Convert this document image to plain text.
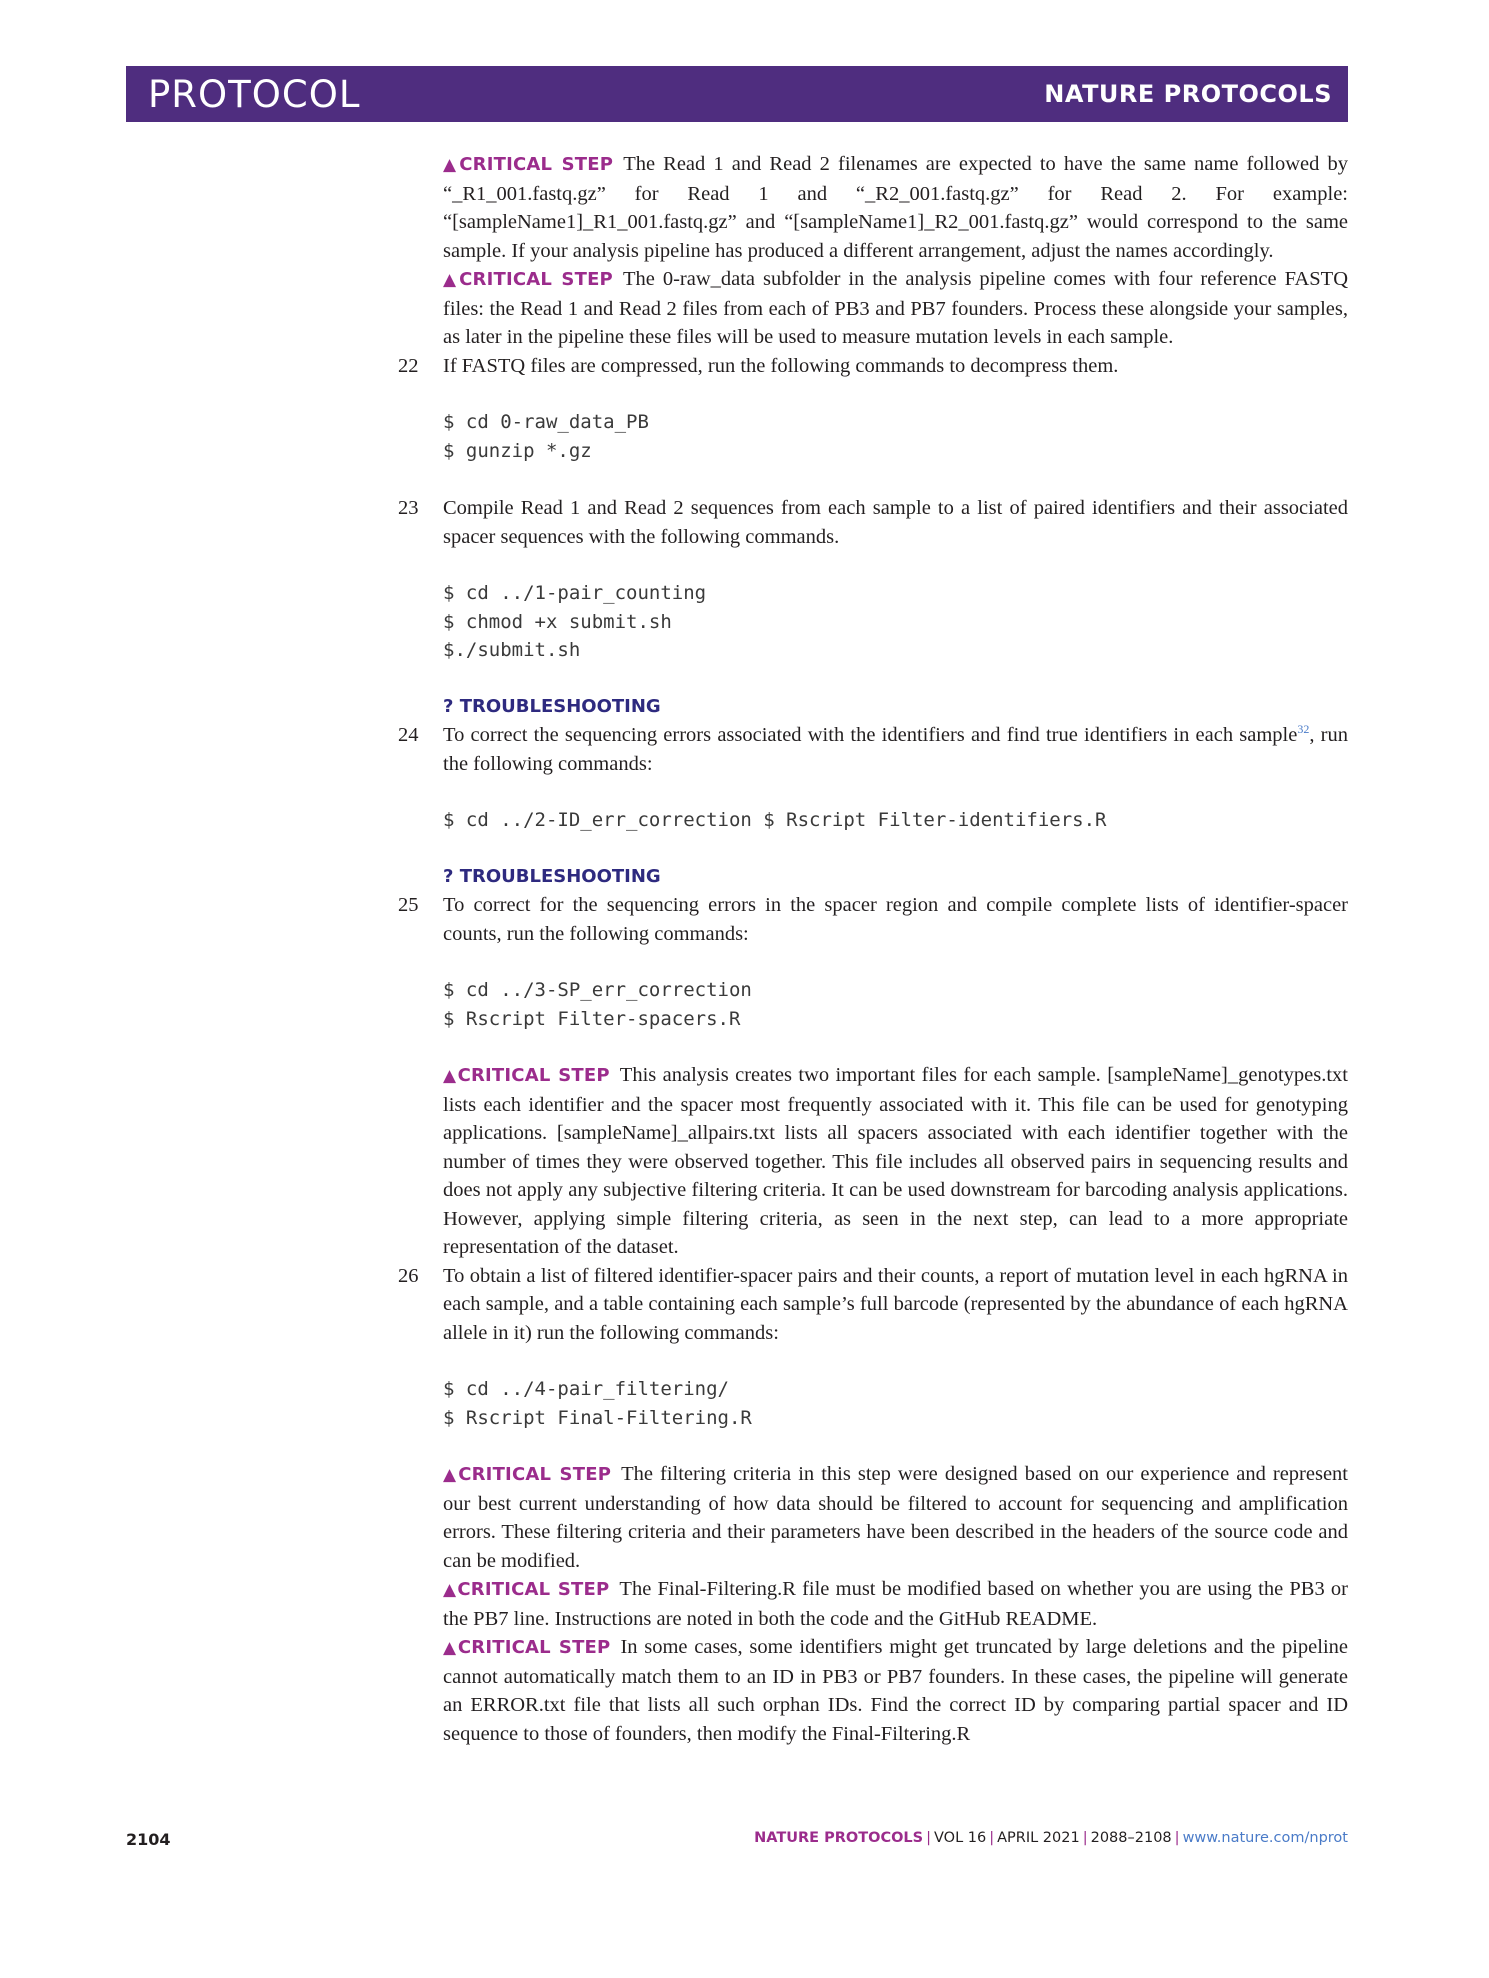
PROTOCOL	NATURE PROTOCOLS

▲CRITICAL STEP The Read 1 and Read 2 filenames are expected to have the same name followed by “_R1_001.fastq.gz” for Read 1 and “_R2_001.fastq.gz” for Read 2. For example: “[sampleName1]_R1_001.fastq.gz” and “[sampleName1]_R2_001.fastq.gz” would correspond to the same sample. If your analysis pipeline has produced a different arrangement, adjust the names accordingly.

▲CRITICAL STEP The 0-raw_data subfolder in the analysis pipeline comes with four reference FASTQ files: the Read 1 and Read 2 files from each of PB3 and PB7 founders. Process these alongside your samples, as later in the pipeline these files will be used to measure mutation levels in each sample.

22 If FASTQ files are compressed, run the following commands to decompress them.

$ cd 0-raw_data_PB

$ gunzip *.gz

23 Compile Read 1 and Read 2 sequences from each sample to a list of paired identifiers and their associated spacer sequences with the following commands.

$ cd ../1-pair_counting

$ chmod +x submit.sh

$./submit.sh

? TROUBLESHOOTING

24 To correct the sequencing errors associated with the identifiers and find true identifiers in each sample$^{32}$, run the following commands:

$ cd ../2-ID_err_correction $ Rscript Filter-identifiers.R

? TROUBLESHOOTING

25 To correct for the sequencing errors in the spacer region and compile complete lists of identifier-spacer counts, run the following commands:

$ cd ../3-SP_err_correction

$ Rscript Filter-spacers.R

▲CRITICAL STEP This analysis creates two important files for each sample. [sampleName]_genotypes.txt lists each identifier and the spacer most frequently associated with it. This file can be used for genotyping applications. [sampleName]_allpairs.txt lists all spacers associated with each identifier together with the number of times they were observed together. This file includes all observed pairs in sequencing results and does not apply any subjective filtering criteria. It can be used downstream for barcoding analysis applications. However, applying simple filtering criteria, as seen in the next step, can lead to a more appropriate representation of the dataset.

26 To obtain a list of filtered identifier-spacer pairs and their counts, a report of mutation level in each hgRNA in each sample, and a table containing each sample’s full barcode (represented by the abundance of each hgRNA allele in it) run the following commands:

$ cd ../4-pair_filtering/

$ Rscript Final-Filtering.R

▲CRITICAL STEP The filtering criteria in this step were designed based on our experience and represent our best current understanding of how data should be filtered to account for sequencing and amplification errors. These filtering criteria and their parameters have been described in the headers of the source code and can be modified.

▲CRITICAL STEP The Final-Filtering.R file must be modified based on whether you are using the PB3 or the PB7 line. Instructions are noted in both the code and the GitHub README.

▲CRITICAL STEP In some cases, some identifiers might get truncated by large deletions and the pipeline cannot automatically match them to an ID in PB3 or PB7 founders. In these cases, the pipeline will generate an ERROR.txt file that lists all such orphan IDs. Find the correct ID by comparing partial spacer and ID sequence to those of founders, then modify the Final-Filtering.R

2104	NATURE PROTOCOLS | VOL 16 | APRIL 2021 | 2088–2108 | www.nature.com/nprot
